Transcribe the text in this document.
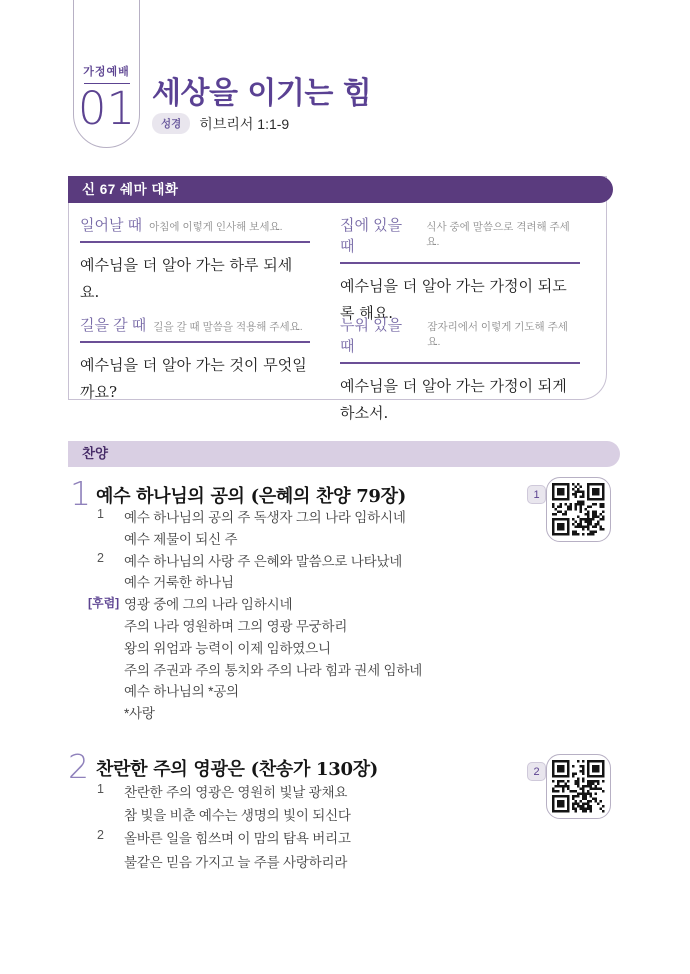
가정예배
01 세상을 이기는 힘
성경	히브리서 1:1-9
신 67 쉐마 대화
일어날 때 아침에 이렇게 인사해 보세요.
예수님을 더 알아 가는 하루 되세요.
집에 있을 때
식사 중에 말씀으로 격려해 주세요.
예수님을 더 알아 가는 가정이 되도록 해요.
길을 갈 때 길을 갈 때 말씀을 적용해 주세요.
예수님을 더 알아 가는 것이 무엇일까요?
누워 있을 때
잠자리에서 이렇게 기도해 주세요.
예수님을 더 알아 가는 가정이 되게 하소서.
찬양
1 예수 하나님의 공의 (은혜의 찬양 79장)	1
1	예수 하나님의 공의 주 독생자 그의 나라 임하시네
예수 제물이 되신 주
2	예수 하나님의 사랑 주 은혜와 말씀으로 나타났네
예수 거룩한 하나님
[후렴] 영광 중에 그의 나라 임하시네
주의 나라 영원하며 그의 영광 무궁하리
왕의 위엄과 능력이 이제 임하였으니
주의 주권과 주의 통치와 주의 나라 힘과 권세 임하네
예수 하나님의 *공의
*사랑
2 찬란한 주의 영광은 (찬송가 130장)	2
1	찬란한 주의 영광은 영원히 빛날 광채요
참 빛을 비춘 예수는 생명의 빛이 되신다
2	올바른 일을 힘쓰며 이 맘의 탐욕 버리고
불같은 믿음 가지고 늘 주를 사랑하리라
